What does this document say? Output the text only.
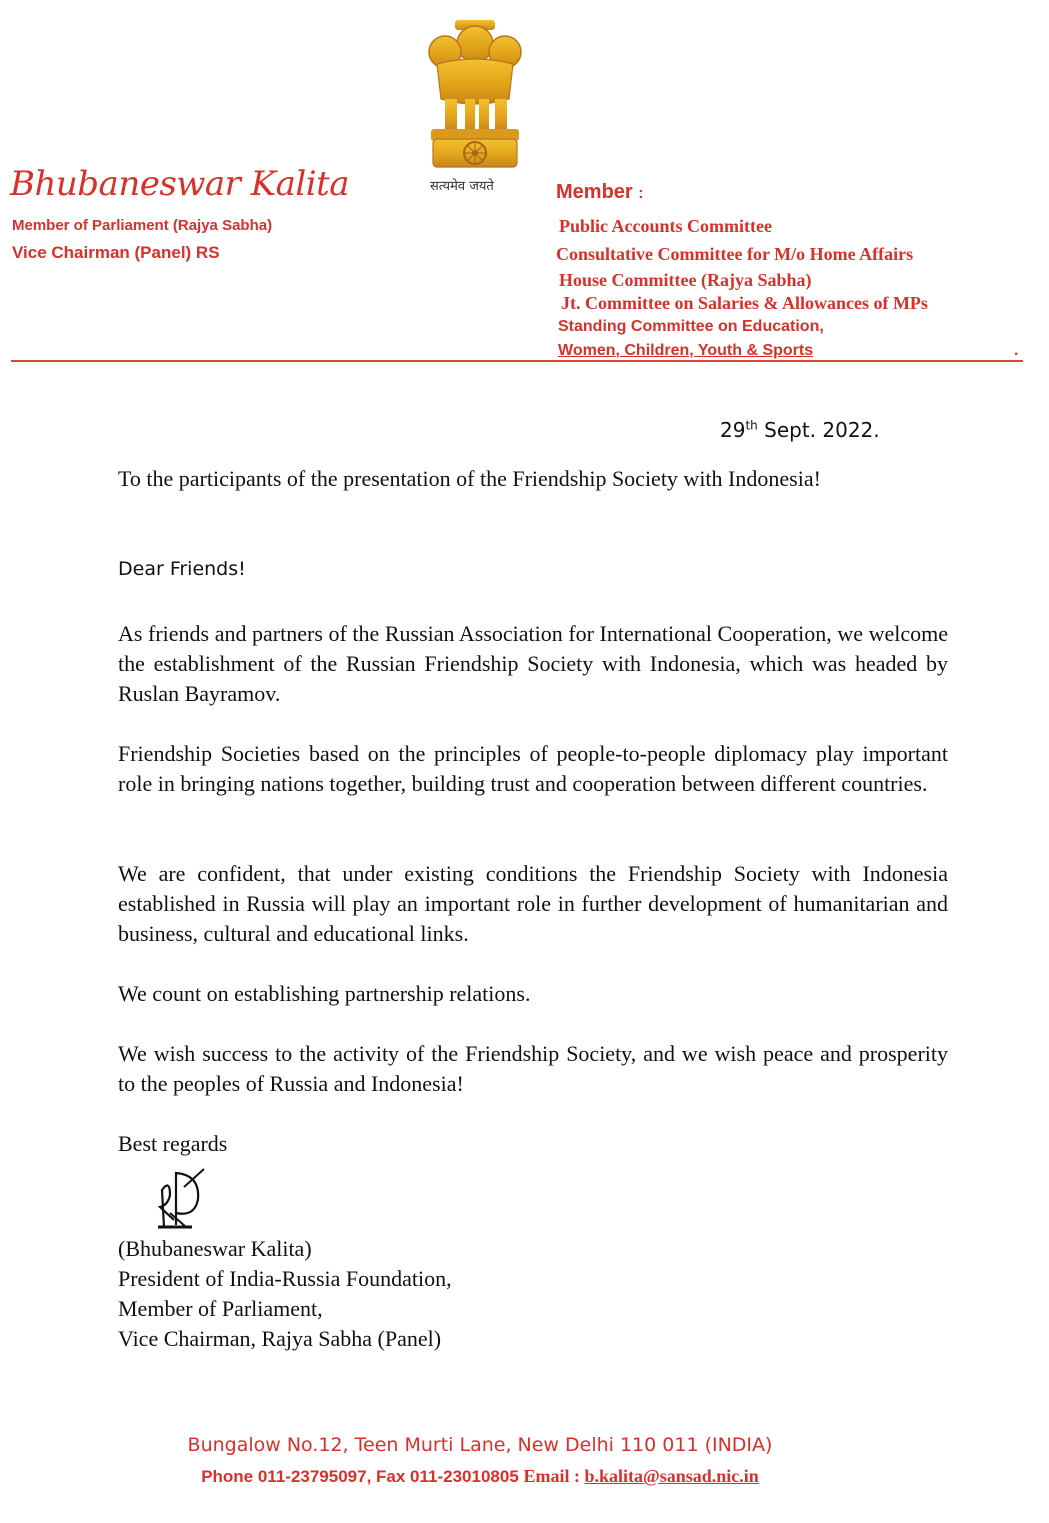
सत्यमेव जयते
Bhubaneswar Kalita
Member of Parliament (Rajya Sabha)
Vice Chairman (Panel) RS
Member :
Public Accounts Committee
Consultative Committee for M/o Home Affairs
House Committee (Rajya Sabha)
Jt. Committee on Salaries & Allowances of MPs
Standing Committee on Education,
Women, Children, Youth & Sports	.
29th Sept. 2022.
To the participants of the presentation of the Friendship Society with Indonesia!
Dear Friends!
As friends and partners of the Russian Association for International Cooperation, we welcome the establishment of the Russian Friendship Society with Indonesia, which was headed by Ruslan Bayramov.
Friendship Societies based on the principles of people-to-people diplomacy play important role in bringing nations together, building trust and cooperation between different countries.
We are confident, that under existing conditions the Friendship Society with Indonesia established in Russia will play an important role in further development of humanitarian and business, cultural and educational links.
We count on establishing partnership relations.
We wish success to the activity of the Friendship Society, and we wish peace and prosperity to the peoples of Russia and Indonesia!
Best regards
(Bhubaneswar Kalita)
President of India-Russia Foundation,
Member of Parliament,
Vice Chairman, Rajya Sabha (Panel)
Bungalow No.12, Teen Murti Lane, New Delhi 110 011 (INDIA)
Phone 011-23795097, Fax 011-23010805 Email : b.kalita@sansad.nic.in
